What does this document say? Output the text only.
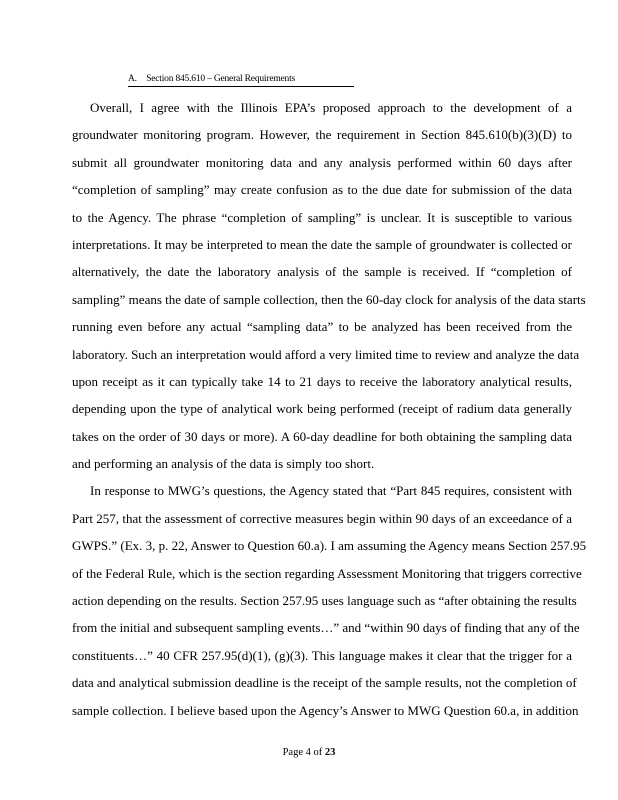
A. Section 845.610 – General Requirements
Overall, I agree with the Illinois EPA’s proposed approach to the development of a
groundwater monitoring program. However, the requirement in Section 845.610(b)(3)(D) to
submit all groundwater monitoring data and any analysis performed within 60 days after
“completion of sampling” may create confusion as to the due date for submission of the data
to the Agency. The phrase “completion of sampling” is unclear. It is susceptible to various
interpretations. It may be interpreted to mean the date the sample of groundwater is collected or
alternatively, the date the laboratory analysis of the sample is received. If “completion of
sampling” means the date of sample collection, then the 60-day clock for analysis of the data starts
running even before any actual “sampling data” to be analyzed has been received from the
laboratory. Such an interpretation would afford a very limited time to review and analyze the data
upon receipt as it can typically take 14 to 21 days to receive the laboratory analytical results,
depending upon the type of analytical work being performed (receipt of radium data generally
takes on the order of 30 days or more). A 60-day deadline for both obtaining the sampling data
and performing an analysis of the data is simply too short.
In response to MWG’s questions, the Agency stated that “Part 845 requires, consistent with
Part 257, that the assessment of corrective measures begin within 90 days of an exceedance of a
GWPS.” (Ex. 3, p. 22, Answer to Question 60.a). I am assuming the Agency means Section 257.95
of the Federal Rule, which is the section regarding Assessment Monitoring that triggers corrective
action depending on the results. Section 257.95 uses language such as “after obtaining the results
from the initial and subsequent sampling events…” and “within 90 days of finding that any of the
constituents…” 40 CFR 257.95(d)(1), (g)(3). This language makes it clear that the trigger for a
data and analytical submission deadline is the receipt of the sample results, not the completion of
sample collection. I believe based upon the Agency’s Answer to MWG Question 60.a, in addition
Page 4 of 23
